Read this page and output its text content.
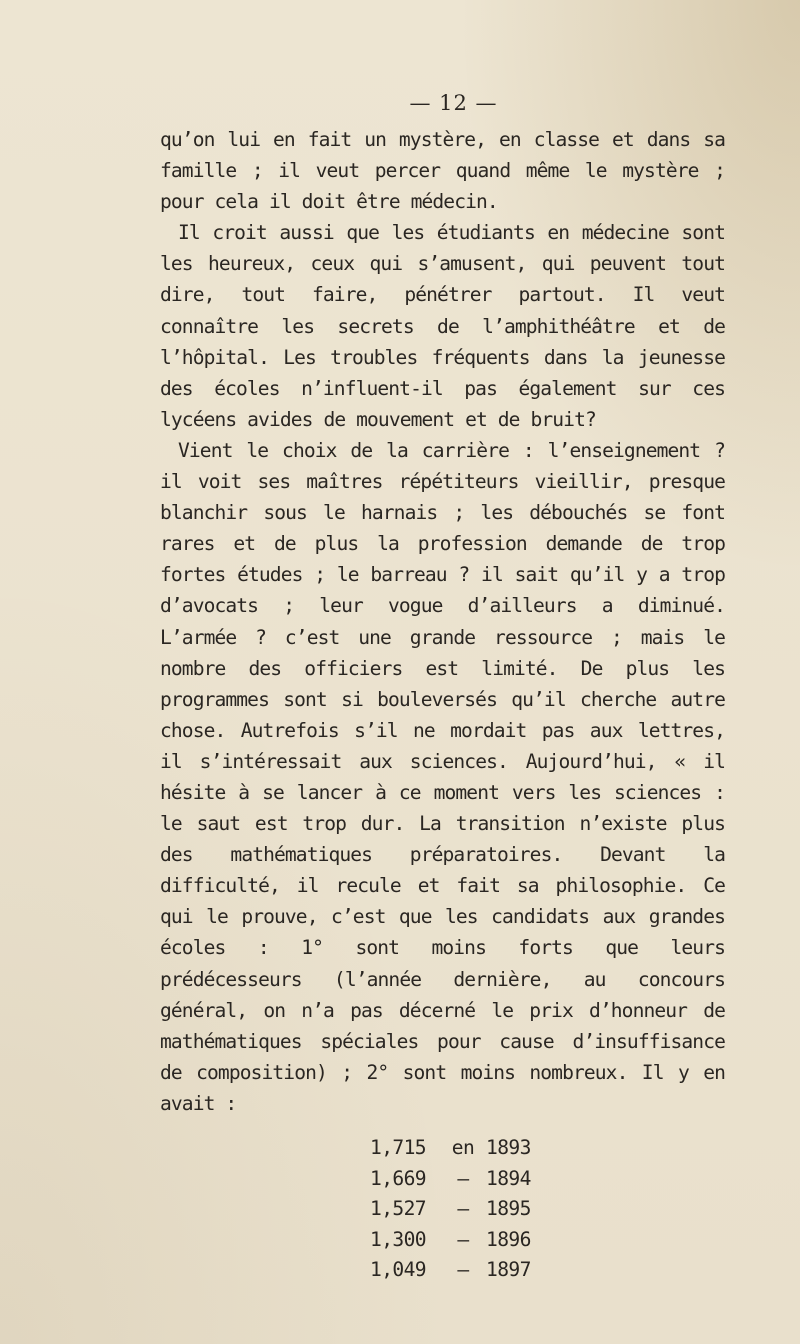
— 12 —

qu’on lui en fait un mystère, en classe et dans sa famille ; il veut percer quand même le mystère ; pour cela il doit être médecin.

Il croit aussi que les étudiants en médecine sont les heureux, ceux qui s’amusent, qui peuvent tout dire, tout faire, pénétrer partout. Il veut connaître les secrets de l’amphithéâtre et de l’hôpital. Les troubles fréquents dans la jeunesse des écoles n’influent-il pas également sur ces lycéens avides de mouvement et de bruit?

Vient le choix de la carrière : l’enseignement ? il voit ses maîtres répétiteurs vieillir, presque blanchir sous le harnais ; les débouchés se font rares et de plus la profession demande de trop fortes études ; le barreau ? il sait qu’il y a trop d’avocats ; leur vogue d’ailleurs a diminué. L’armée ? c’est une grande ressource ; mais le nombre des officiers est limité. De plus les programmes sont si bouleversés qu’il cherche autre chose. Autrefois s’il ne mordait pas aux lettres, il s’intéressait aux sciences. Aujourd’hui, « il hésite à se lancer à ce moment vers les sciences : le saut est trop dur. La transition n’existe plus des mathématiques préparatoires. Devant la difficulté, il recule et fait sa philosophie. Ce qui le prouve, c’est que les candidats aux grandes écoles : 1° sont moins forts que leurs prédécesseurs (l’année dernière, au concours général, on n’a pas décerné le prix d’honneur de mathématiques spéciales pour cause d’insuffisance de composition) ; 2° sont moins nombreux. Il y en avait :

1,715	en 1893
1,669	— 1894
1,527	— 1895
1,300	— 1896
1,049	— 1897
